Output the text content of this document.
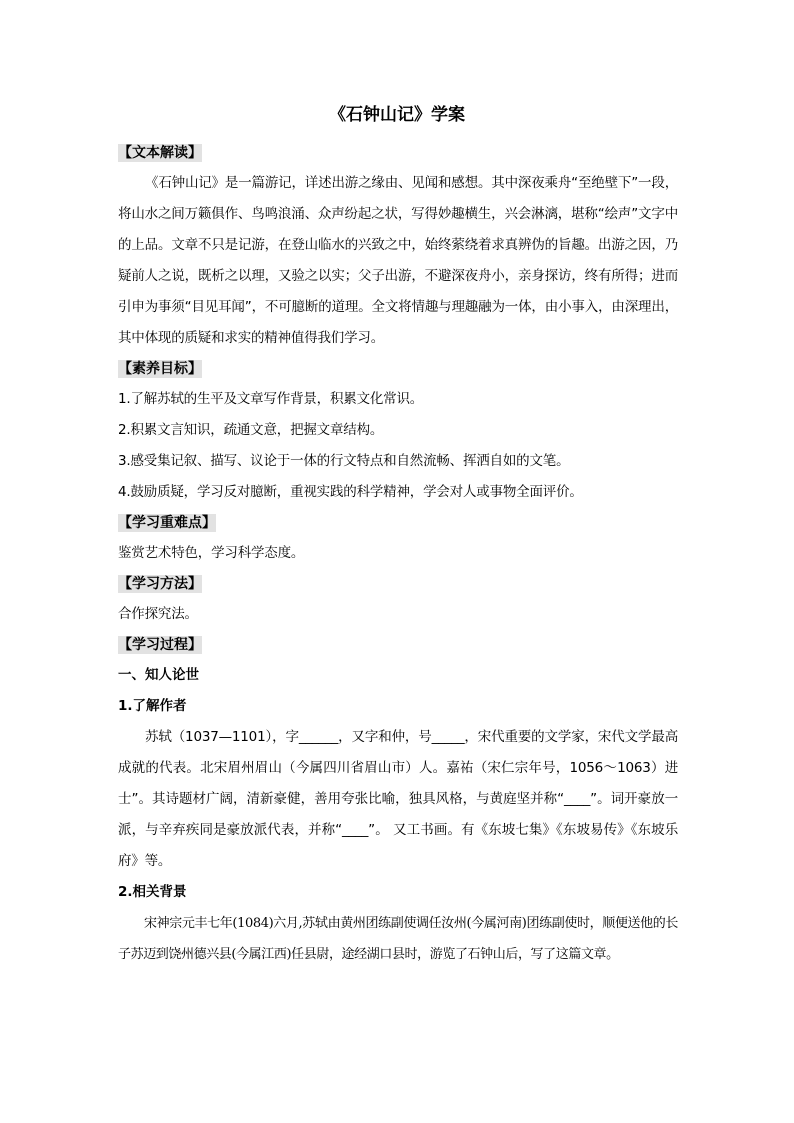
《石钟山记》学案
【文本解读】

《石钟山记》是一篇游记，详述出游之缘由、见闻和感想。其中深夜乘舟“至绝壁下”一段，将山水之间万籁俱作、鸟鸣浪涌、众声纷起之状，写得妙趣横生，兴会淋漓，堪称“绘声”文字中的上品。文章不只是记游，在登山临水的兴致之中，始终萦绕着求真辨伪的旨趣。出游之因，乃疑前人之说，既析之以理，又验之以实；父子出游，不避深夜舟小，亲身探访，终有所得；进而引申为事须“目见耳闻”，不可臆断的道理。全文将情趣与理趣融为一体，由小事入，由深理出，其中体现的质疑和求实的精神值得我们学习。

【素养目标】

1.了解苏轼的生平及文章写作背景，积累文化常识。

2.积累文言知识，疏通文意，把握文章结构。

3.感受集记叙、描写、议论于一体的行文特点和自然流畅、挥洒自如的文笔。

4.鼓励质疑，学习反对臆断，重视实践的科学精神，学会对人或事物全面评价。

【学习重难点】

鉴赏艺术特色，学习科学态度。

【学习方法】

合作探究法。

【学习过程】

一、知人论世

1.了解作者

苏轼（1037—1101），字______，又字和仲，号_____，宋代重要的文学家，宋代文学最高成就的代表。北宋眉州眉山（今属四川省眉山市）人。嘉祐（宋仁宗年号，1056～1063）进士”。其诗题材广阔，清新豪健，善用夸张比喻，独具风格，与黄庭坚并称“____”。词开豪放一派，与辛弃疾同是豪放派代表，并称“____”。 又工书画。有《东坡七集》《东坡易传》《东坡乐府》等。

2.相关背景

宋神宗元丰七年(1084)六月,苏轼由黄州团练副使调任汝州(今属河南)团练副使时，顺便送他的长子苏迈到饶州德兴县(今属江西)任县尉，途经湖口县时，游览了石钟山后，写了这篇文章。
